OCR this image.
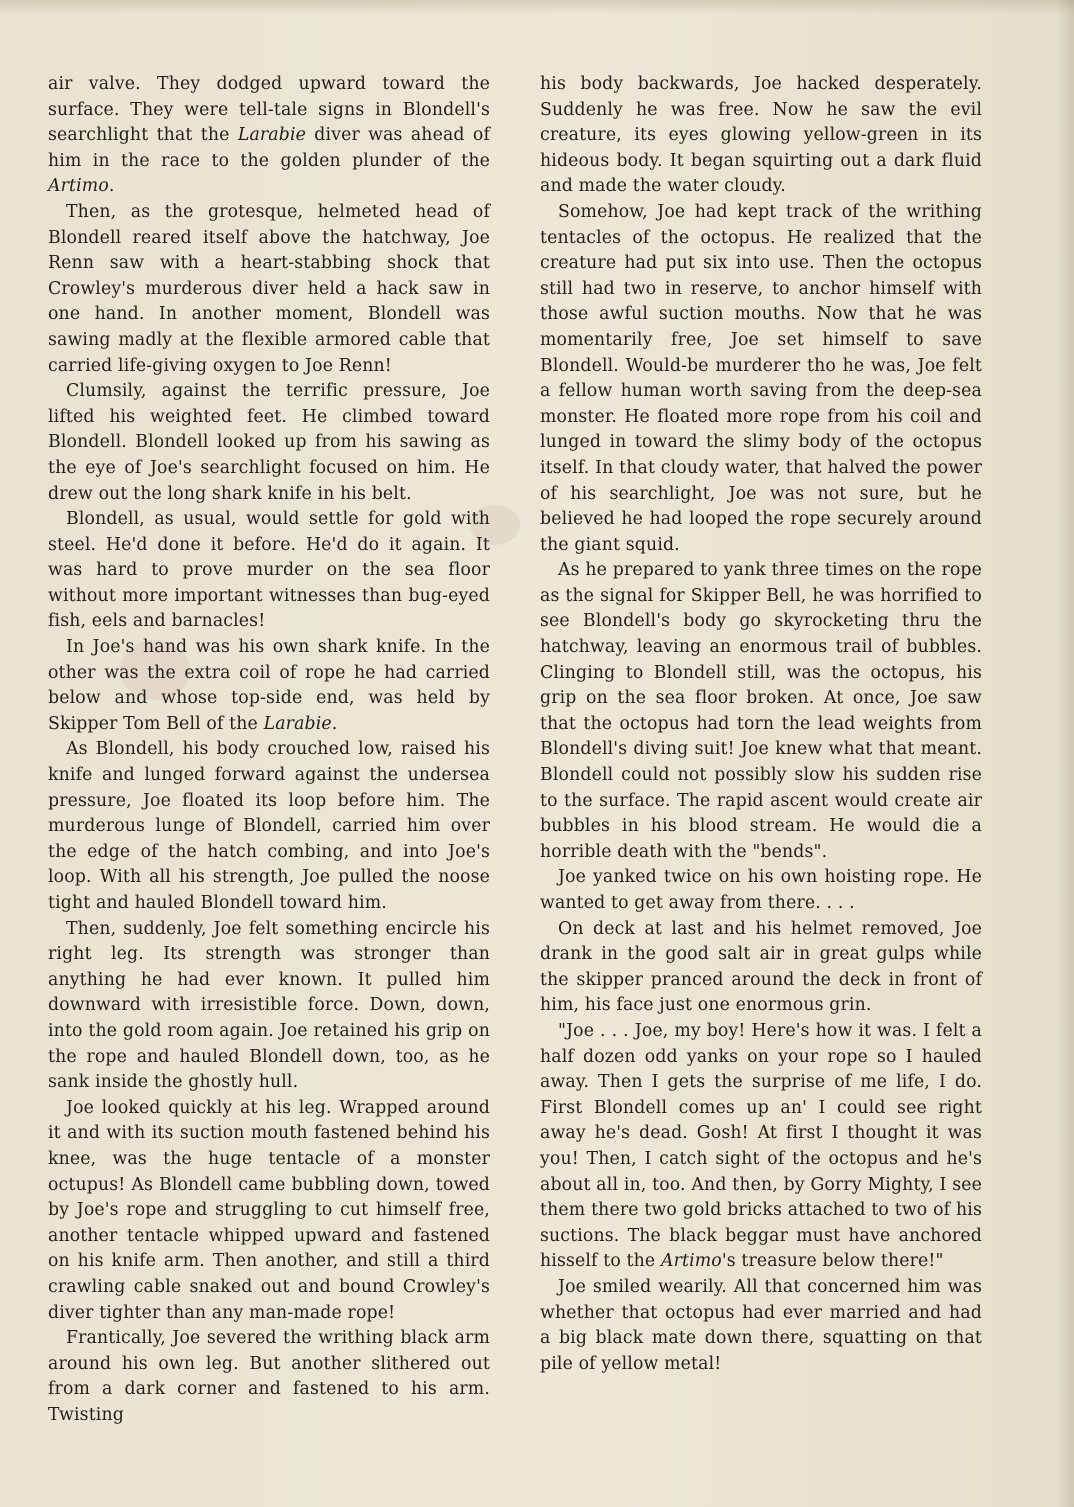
air valve. They dodged upward toward the surface. They were tell-tale signs in Blondell's searchlight that the Larabie diver was ahead of him in the race to the golden plunder of the Artimo.

Then, as the grotesque, helmeted head of Blondell reared itself above the hatchway, Joe Renn saw with a heart-stabbing shock that Crowley's murderous diver held a hack saw in one hand. In another moment, Blondell was sawing madly at the flexible armored cable that carried life-giving oxygen to Joe Renn!

Clumsily, against the terrific pressure, Joe lifted his weighted feet. He climbed toward Blondell. Blondell looked up from his sawing as the eye of Joe's searchlight focused on him. He drew out the long shark knife in his belt.

Blondell, as usual, would settle for gold with steel. He'd done it before. He'd do it again. It was hard to prove murder on the sea floor without more important witnesses than bug-eyed fish, eels and barnacles!

In Joe's hand was his own shark knife. In the other was the extra coil of rope he had carried below and whose top-side end, was held by Skipper Tom Bell of the Larabie.

As Blondell, his body crouched low, raised his knife and lunged forward against the undersea pressure, Joe floated its loop before him. The murderous lunge of Blondell, carried him over the edge of the hatch combing, and into Joe's loop. With all his strength, Joe pulled the noose tight and hauled Blondell toward him.

Then, suddenly, Joe felt something encircle his right leg. Its strength was stronger than anything he had ever known. It pulled him downward with irresistible force. Down, down, into the gold room again. Joe retained his grip on the rope and hauled Blondell down, too, as he sank inside the ghostly hull.

Joe looked quickly at his leg. Wrapped around it and with its suction mouth fastened behind his knee, was the huge tentacle of a monster octupus! As Blondell came bubbling down, towed by Joe's rope and struggling to cut himself free, another tentacle whipped upward and fastened on his knife arm. Then another, and still a third crawling cable snaked out and bound Crowley's diver tighter than any man-made rope!

Frantically, Joe severed the writhing black arm around his own leg. But another slithered out from a dark corner and fastened to his arm. Twisting

his body backwards, Joe hacked desperately. Suddenly he was free. Now he saw the evil creature, its eyes glowing yellow-green in its hideous body. It began squirting out a dark fluid and made the water cloudy.

Somehow, Joe had kept track of the writhing tentacles of the octopus. He realized that the creature had put six into use. Then the octopus still had two in reserve, to anchor himself with those awful suction mouths. Now that he was momentarily free, Joe set himself to save Blondell. Would-be murderer tho he was, Joe felt a fellow human worth saving from the deep-sea monster. He floated more rope from his coil and lunged in toward the slimy body of the octopus itself. In that cloudy water, that halved the power of his searchlight, Joe was not sure, but he believed he had looped the rope securely around the giant squid.

As he prepared to yank three times on the rope as the signal for Skipper Bell, he was horrified to see Blondell's body go skyrocketing thru the hatchway, leaving an enormous trail of bubbles. Clinging to Blondell still, was the octopus, his grip on the sea floor broken. At once, Joe saw that the octopus had torn the lead weights from Blondell's diving suit! Joe knew what that meant. Blondell could not possibly slow his sudden rise to the surface. The rapid ascent would create air bubbles in his blood stream. He would die a horrible death with the "bends".

Joe yanked twice on his own hoisting rope. He wanted to get away from there. . . .

On deck at last and his helmet removed, Joe drank in the good salt air in great gulps while the skipper pranced around the deck in front of him, his face just one enormous grin.

"Joe . . . Joe, my boy! Here's how it was. I felt a half dozen odd yanks on your rope so I hauled away. Then I gets the surprise of me life, I do. First Blondell comes up an' I could see right away he's dead. Gosh! At first I thought it was you! Then, I catch sight of the octopus and he's about all in, too. And then, by Gorry Mighty, I see them there two gold bricks attached to two of his suctions. The black beggar must have anchored hisself to the Artimo's treasure below there!"

Joe smiled wearily. All that concerned him was whether that octopus had ever married and had a big black mate down there, squatting on that pile of yellow metal!
